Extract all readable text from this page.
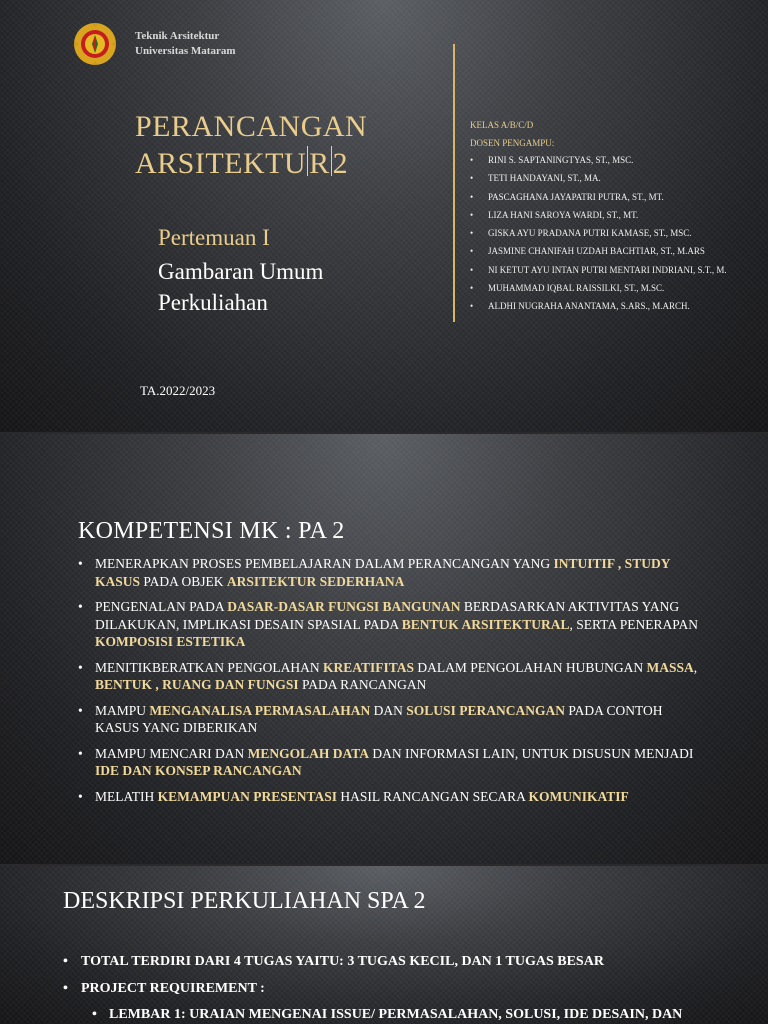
Teknik Arsitektur
Universitas Mataram
PERANCANGAN
ARSITEKTU R 2
Pertemuan I
Gambaran Umum Perkuliahan
TA.2022/2023
KELAS A/B/C/D
DOSEN PENGAMPU:
• RINI S. SAPTANINGTYAS, ST., MSC.
• TETI HANDAYANI, ST., MA.
• PASCAGHANA JAYAPATRI PUTRA, ST., MT.
• LIZA HANI SAROYA WARDI, ST., MT.
• GISKA AYU PRADANA PUTRI KAMASE, ST., MSC.
• JASMINE CHANIFAH UZDAH BACHTIAR, ST., M.ARS
• NI KETUT AYU INTAN PUTRI MENTARI INDRIANI, S.T., M.
• MUHAMMAD IQBAL RAISSILKI, ST., M.SC.
• ALDHI NUGRAHA ANANTAMA, S.ARS., M.ARCH.
KOMPETENSI MK : PA 2
• MENERAPKAN PROSES PEMBELAJARAN DALAM PERANCANGAN YANG INTUITIF , STUDY KASUS PADA OBJEK ARSITEKTUR SEDERHANA
• PENGENALAN PADA DASAR-DASAR FUNGSI BANGUNAN BERDASARKAN AKTIVITAS YANG DILAKUKAN, IMPLIKASI DESAIN SPASIAL PADA BENTUK ARSITEKTURAL, SERTA PENERAPAN KOMPOSISI ESTETIKA
• MENITIKBERATKAN PENGOLAHAN KREATIFITAS DALAM PENGOLAHAN HUBUNGAN MASSA, BENTUK , RUANG DAN FUNGSI PADA RANCANGAN
• MAMPU MENGANALISA PERMASALAHAN DAN SOLUSI PERANCANGAN PADA CONTOH KASUS YANG DIBERIKAN
• MAMPU MENCARI DAN MENGOLAH DATA DAN INFORMASI LAIN, UNTUK DISUSUN MENJADI IDE DAN KONSEP RANCANGAN
• MELATIH KEMAMPUAN PRESENTASI HASIL RANCANGAN SECARA KOMUNIKATIF
DESKRIPSI PERKULIAHAN SPA 2
• TOTAL TERDIRI DARI 4 TUGAS YAITU: 3 TUGAS KECIL, DAN 1 TUGAS BESAR
• PROJECT REQUIREMENT :
• LEMBAR 1: URAIAN MENGENAI ISSUE/ PERMASALAHAN, SOLUSI, IDE DESAIN, DAN
